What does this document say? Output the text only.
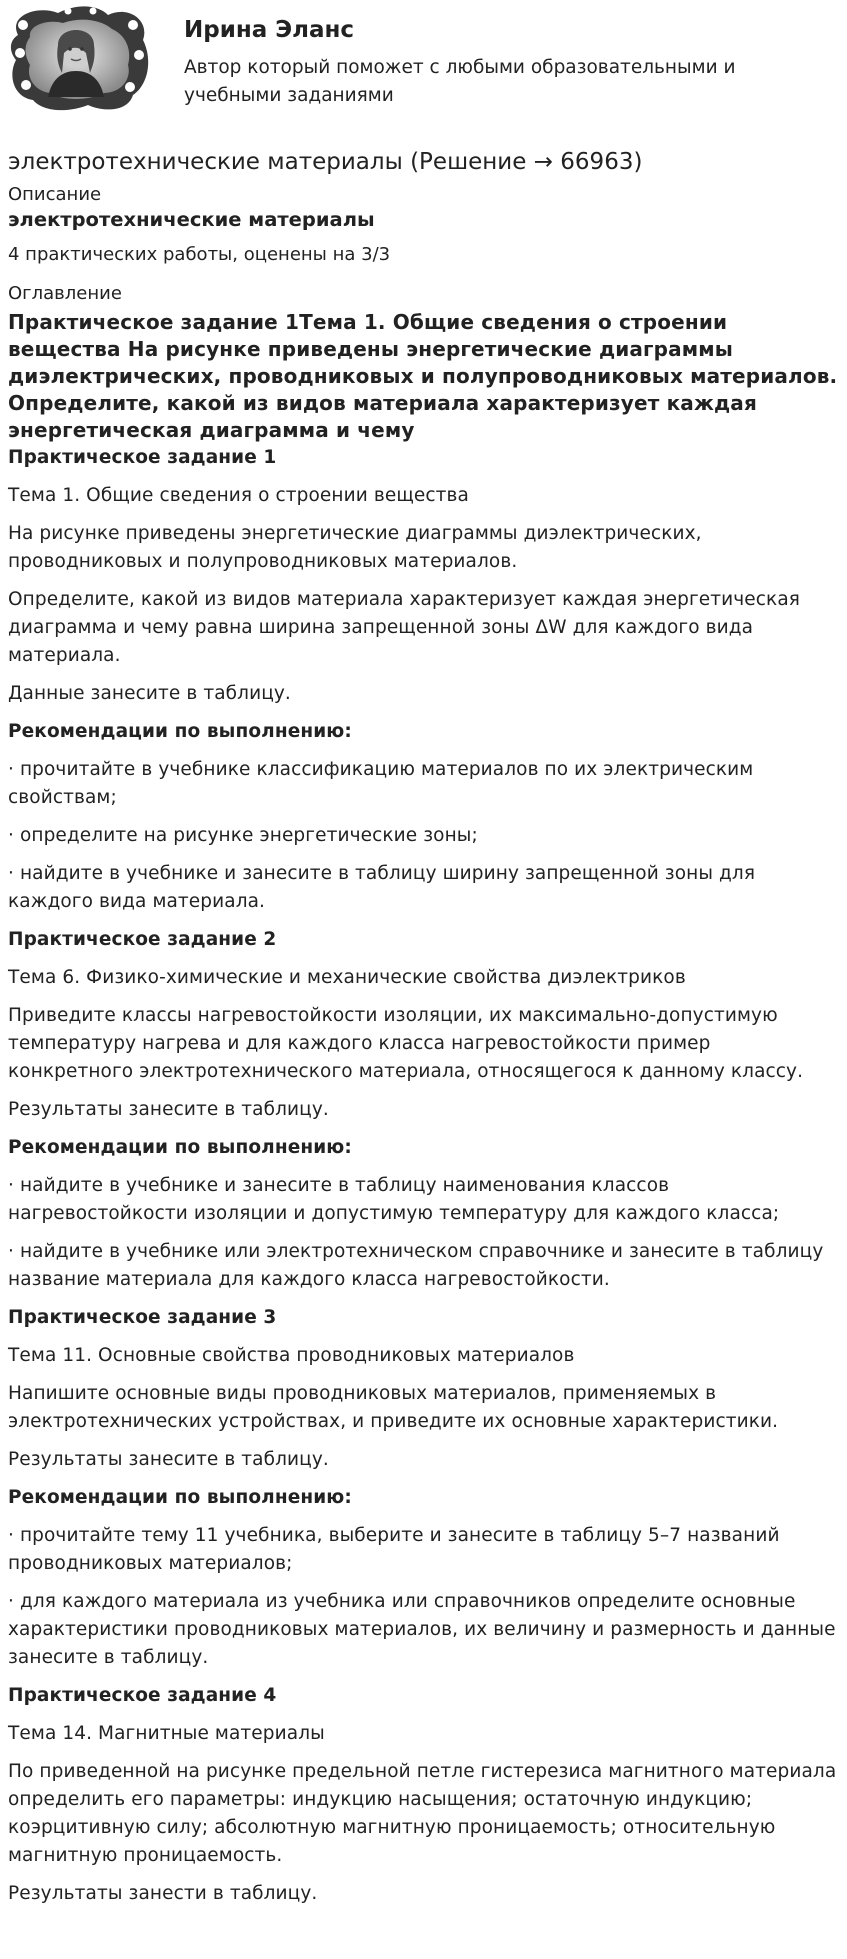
Ирина Эланс

Автор который поможет с любыми образовательными и учебными заданиями

электротехнические материалы (Решение → 66963)
Описание
электротехнические материалы
4 практических работы, оценены на 3/3
Оглавление
Практическое задание 1Тема 1. Общие сведения о строении вещества На рисунке приведены энергетические диаграммы диэлектрических, проводниковых и полупроводниковых материалов. Определите, какой из видов материала характеризует каждая энергетическая диаграмма и чему

Практическое задание 1

Тема 1. Общие сведения о строении вещества

На рисунке приведены энергетические диаграммы диэлектрических, проводниковых и полупроводниковых материалов.

Определите, какой из видов материала характеризует каждая энергетическая диаграмма и чему равна ширина запрещенной зоны ΔW для каждого вида материала.

Данные занесите в таблицу.

Рекомендации по выполнению:

· прочитайте в учебнике классификацию материалов по их электрическим свойствам;

· определите на рисунке энергетические зоны;

· найдите в учебнике и занесите в таблицу ширину запрещенной зоны для каждого вида материала.

Практическое задание 2

Тема 6. Физико-химические и механические свойства диэлектриков

Приведите классы нагревостойкости изоляции, их максимально-допустимую температуру нагрева и для каждого класса нагревостойкости пример конкретного электротехнического материала, относящегося к данному классу.

Результаты занесите в таблицу.

Рекомендации по выполнению:

· найдите в учебнике и занесите в таблицу наименования классов нагревостойкости изоляции и допустимую температуру для каждого класса;

· найдите в учебнике или электротехническом справочнике и занесите в таблицу название материала для каждого класса нагревостойкости.

Практическое задание 3

Тема 11. Основные свойства проводниковых материалов

Напишите основные виды проводниковых материалов, применяемых в электротехнических устройствах, и приведите их основные характеристики.

Результаты занесите в таблицу.

Рекомендации по выполнению:

· прочитайте тему 11 учебника, выберите и занесите в таблицу 5–7 названий проводниковых материалов;

· для каждого материала из учебника или справочников определите основные характеристики проводниковых материалов, их величину и размерность и данные занесите в таблицу.

Практическое задание 4

Тема 14. Магнитные материалы

По приведенной на рисунке предельной петле гистерезиса магнитного материала определить его параметры: индукцию насыщения; остаточную индукцию; коэрцитивную силу; абсолютную магнитную проницаемость; относительную магнитную проницаемость.

Результаты занести в таблицу.
